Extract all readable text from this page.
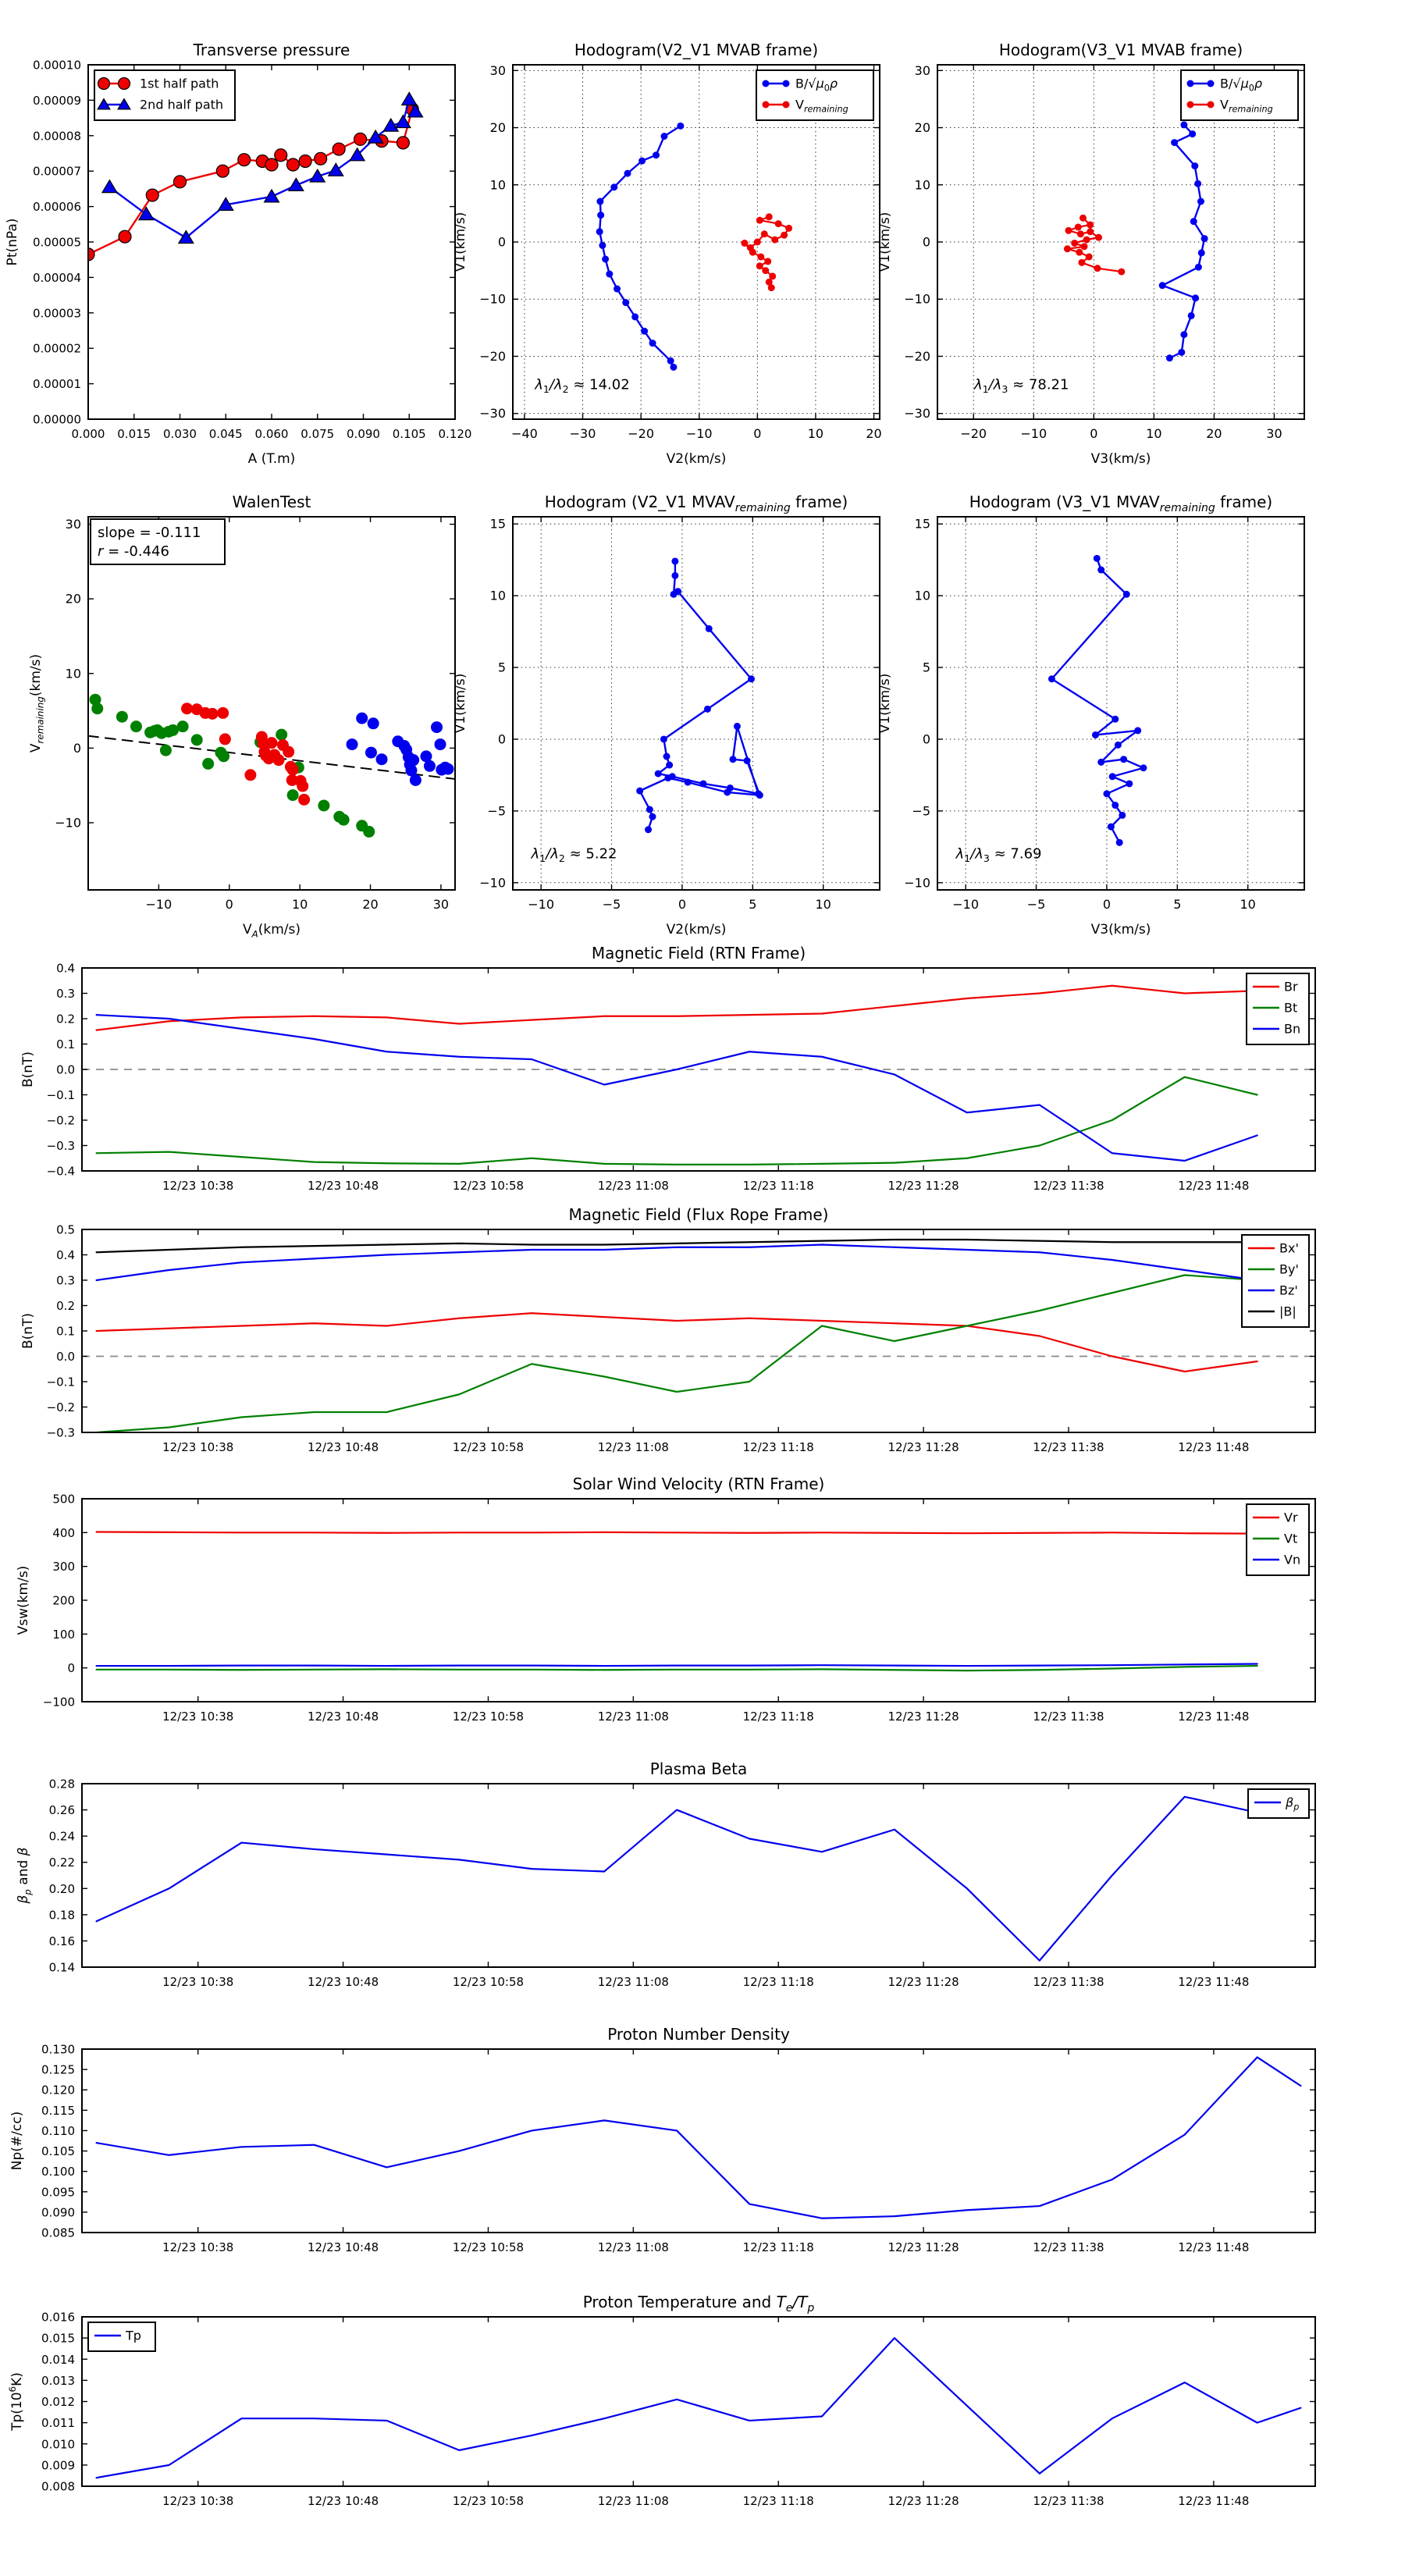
0.000 0.015 0.030 0.045 0.060 0.075 0.090 0.105 0.120
0.00000
0.00001
0.00002
0.00003
0.00004
0.00005
0.00006
0.00007
0.00008
0.00009
0.00010
A (T.m)
Pt(nPa)
Transverse pressure
1st half path
2nd half path
−40	−30	−20	−10	0	10	20
−30
−20
−10
0
10
20
30
V2(km/s)
V1(km/s)
Hodogram(V2_V1 MVAB frame)
$B/√\mu_0\rho$
$V_{remaining}$
$\lambda_1/\lambda_2 \approx 14.02$
−20	−10	0	10	20	30
−30
−20
−10
0
10
20
30
V3(km/s)
V1(km/s)
Hodogram(V3_V1 MVAB frame)
$B/√\mu_0\rho$
$V_{remaining}$
$\lambda_1/\lambda_3 \approx 78.21$
−10	0	10	20	30
−10
0
10
20
30
$V_A(km/s)$
$V_{remaining}(km/s)$
WalenTest
slope = -0.111
r = -0.446
−10	−5	0	5	10
−10
−5
0
5
10
15
V2(km/s)
V1(km/s)
Hodogram (V2_V1 $MVAV_{remaining}$ frame)
$\lambda_1/\lambda_2 \approx 5.22$
−10	−5	0	5	10
−10
−5
0
5
10
15
V3(km/s)
V1(km/s)
Hodogram (V3_V1 $MVAV_{remaining}$ frame)
$\lambda_1/\lambda_3 \approx 7.69$
12/23 10:38	12/23 10:48	12/23 10:58	12/23 11:08	12/23 11:18	12/23 11:28	12/23 11:38	12/23 11:48
−0.4
−0.3
−0.2
−0.1
0.0
0.1
0.2
0.3
0.4
B(nT)
Magnetic Field (RTN Frame)
Br
Bt
Bn
12/23 10:38	12/23 10:48	12/23 10:58	12/23 11:08	12/23 11:18	12/23 11:28	12/23 11:38	12/23 11:48
−0.3
−0.2
−0.1
0.0
0.1
0.2
0.3
0.4
0.5
B(nT)
Magnetic Field (Flux Rope Frame)
Bx'
By'
Bz'
|B|
12/23 10:38	12/23 10:48	12/23 10:58	12/23 11:08	12/23 11:18	12/23 11:28	12/23 11:38	12/23 11:48
−100
0
100
200
300
400
500
Vsw(km/s)
Solar Wind Velocity (RTN Frame)
Vr
Vt
Vn
12/23 10:38	12/23 10:48	12/23 10:58	12/23 11:08	12/23 11:18	12/23 11:28	12/23 11:38	12/23 11:48
0.14
0.16
0.18
0.20
0.22
0.24
0.26
0.28
$\beta_p$ and β
Plasma Beta
$\beta_p$
12/23 10:38	12/23 10:48	12/23 10:58	12/23 11:08	12/23 11:18	12/23 11:28	12/23 11:38	12/23 11:48
0.085
0.090
0.095
0.100
0.105
0.110
0.115
0.120
0.125
0.130
Np(#/cc)
Proton Number Density
12/23 10:38	12/23 10:48	12/23 10:58	12/23 11:08	12/23 11:18	12/23 11:28	12/23 11:38	12/23 11:48
0.008
0.009
0.010
0.011
0.012
0.013
0.014
0.015
0.016
$Tp(10^6K)$
Proton Temperature and $T_e/T_p$
Tp
